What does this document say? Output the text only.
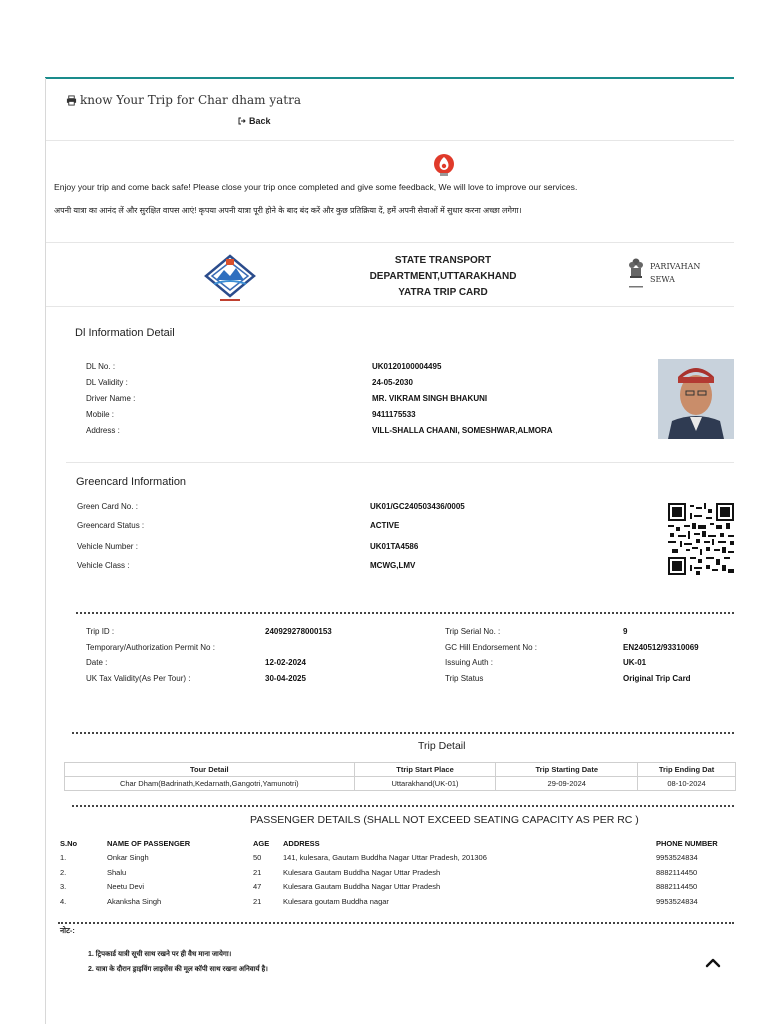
know Your Trip for Char dham yatra
Back
Enjoy your trip and come back safe! Please close your trip once completed and give some feedback, We will love to improve our services.
अपनी यात्रा का आनंद लें और सुरक्षित वापस आएं! कृपया अपनी यात्रा पूरी होने के बाद बंद करें और कुछ प्रतिक्रिया दें, हमें अपनी सेवाओं में सुधार करना अच्छा लगेगा।
STATE TRANSPORT
DEPARTMENT,UTTARAKHAND
YATRA TRIP CARD
PARIVAHAN
SEWA
Dl Information Detail
DL No. :	UK0120100004495
DL Validity :	24-05-2030
Driver Name :	MR. VIKRAM SINGH BHAKUNI
Mobile :	9411175533
Address :	VILL-SHALLA CHAANI, SOMESHWAR,ALMORA
Greencard Information
Green Card No. :	UK01/GC240503436/0005
Greencard Status :	ACTIVE
Vehicle Number :	UK01TA4586
Vehicle Class :	MCWG,LMV
Trip ID :	240929278000153
Temporary/Authorization Permit No :
Date :	12-02-2024
UK Tax Validity(As Per Tour) :	30-04-2025
Trip Serial No. :	9
GC Hill Endorsement No :	EN240512/93310069
Issuing Auth :	UK-01
Trip Status	Original Trip Card
Trip Detail
Tour Detail	Ttrip Start Place	Trip Starting Date	Trip Ending Dat
Char Dham(Badrinath,Kedarnath,Gangotri,Yamunotri)	Uttarakhand(UK-01)	29-09-2024	08-10-2024
PASSENGER DETAILS (SHALL NOT EXCEED SEATING CAPACITY AS PER RC )
S.No	NAME OF PASSENGER	AGE ADDRESS	PHONE NUMBER
1.	Onkar Singh	50	141, kulesara, Gautam Buddha Nagar Uttar Pradesh, 201306	9953524834
2.	Shalu	21	Kulesara Gautam Buddha Nagar Uttar Pradesh	8882114450
3.	Neetu Devi	47	Kulesara Gautam Buddha Nagar Uttar Pradesh	8882114450
4.	Akanksha Singh	21	Kulesara goutam Buddha nagar	9953524834
नोट-:
1. ट्रिपकार्ड यात्री सूची साथ रखने पर ही वैध माना जायेगा।
2. यात्रा के दौरान ड्राइविंग लाइसेंस की मूल कॉपी साथ रखना अनिवार्य है।
